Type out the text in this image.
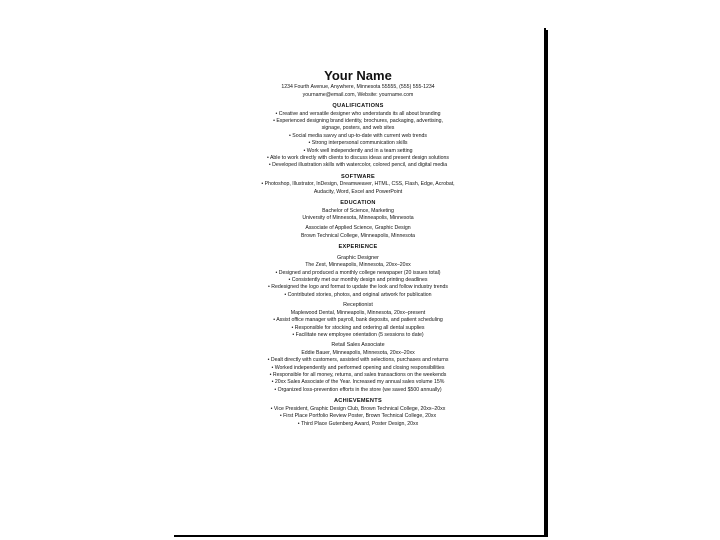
Your Name
1234 Fourth Avenue, Anywhere, Minnesota 55555, (555) 555-1234
yourname@email.com, Website: yourname.com
QUALIFICATIONS
• Creative and versatile designer who understands its all about branding
• Experienced designing brand identity, brochures, packaging, advertising,
signage, posters, and web sites
• Social media savvy and up-to-date with current web trends
• Strong interpersonal communication skills
• Work well independently and in a team setting
• Able to work directly with clients to discuss ideas and present design solutions
• Developed illustration skills with watercolor, colored pencil, and digital media
SOFTWARE
• Photoshop, Illustrator, InDesign, Dreamweaver, HTML, CSS, Flash, Edge, Acrobat,
Audacity, Word, Excel and PowerPoint
EDUCATION
Bachelor of Science, Marketing
University of Minnesota, Minneapolis, Minnesota
Associate of Applied Science, Graphic Design
Brown Technical College, Minneapolis, Minnesota
EXPERIENCE
Graphic Designer
The Zest, Minneapolis, Minnesota, 20xx–20xx
• Designed and produced a monthly college newspaper (20 issues total)
• Consistently met our monthly design and printing deadlines
• Redesigned the logo and format to update the look and follow industry trends
• Contributed stories, photos, and original artwork for publication
Receptionist
Maplewood Dental, Minneapolis, Minnesota, 20xx–present
• Assist office manager with payroll, bank deposits, and patient scheduling
• Responsible for stocking and ordering all dental supplies
• Facilitate new employee orientation (5 sessions to date)
Retail Sales Associate
Eddie Bauer, Minneapolis, Minnesota, 20xx–20xx
• Dealt directly with customers, assisted with selections, purchases and returns
• Worked independently and performed opening and closing responsibilities
• Responsible for all money, returns, and sales transactions on the weekends
• 20xx Sales Associate of the Year. Increased my annual sales volume 15%
• Organized loss-prevention efforts in the store (we saved $500 annually)
ACHIEVEMENTS
• Vice President, Graphic Design Club, Brown Technical College, 20xx–20xx
• First Place Portfolio Review Poster, Brown Technical College, 20xx
• Third Place Gutenberg Award, Poster Design, 20xx
